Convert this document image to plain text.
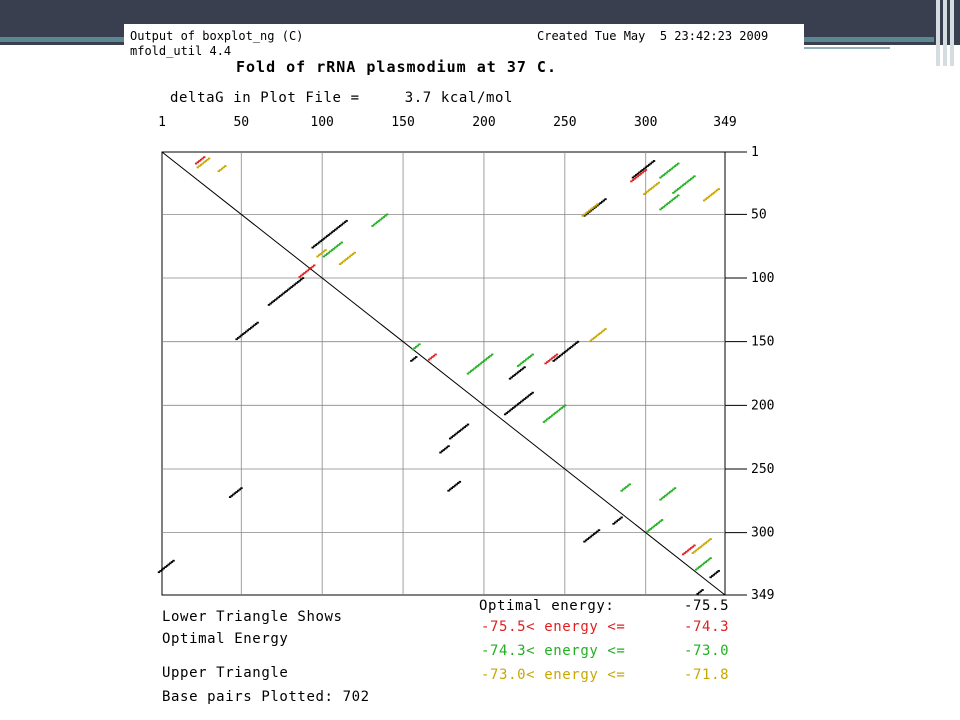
Output of boxplot_ng (C)	Created Tue May  5 23:42:23 2009
mfold_util 4.4
Fold of rRNA plasmodium at 37 C.
deltaG in Plot File =     3.7 kcal/mol
1	50	100	150	200	250	300	349
1
50
100
150
200
250
300
349
Lower Triangle Shows
Optimal Energy
Upper Triangle
Base pairs Plotted: 702
Optimal energy:	-75.5
-75.5< energy <=	-74.3
-74.3< energy <=	-73.0
-73.0< energy <=	-71.8
